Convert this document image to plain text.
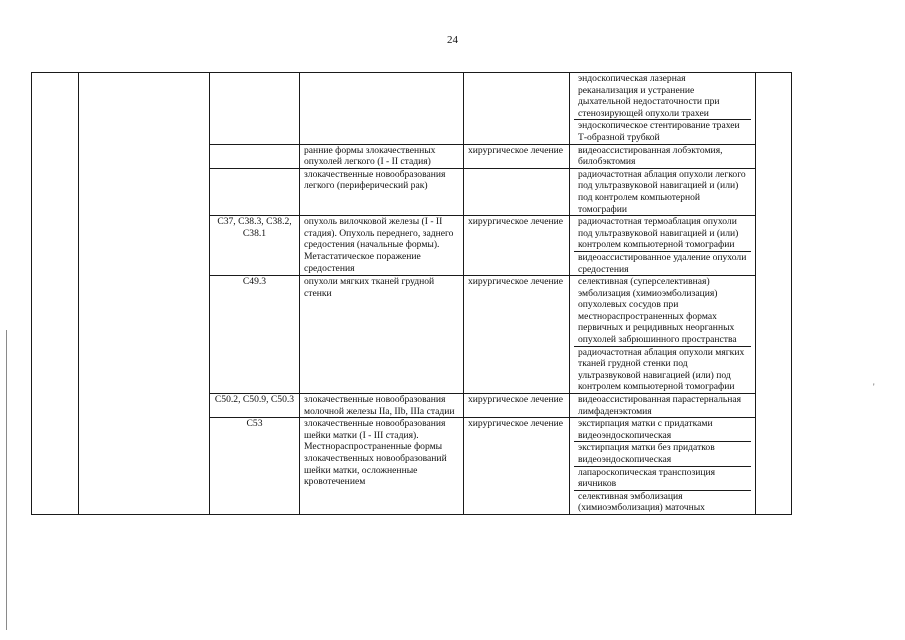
24
'

					эндоскопическая лазерная реканализация и устранение дыхательной недостаточности при стенозирующей опухоли трахеи
эндоскопическое стентирование трахеи Т-образной трубкой	

			ранние формы злокачественных опухолей легкого (I - II стадия)	хирургическое лечение	видеоассистированная лобэктомия, билобэктомия	

			злокачественные новообразования легкого (периферический рак)		радиочастотная аблация опухоли легкого под ультразвуковой навигацией и (или) под контролем компьютерной томографии	

		C37, C38.3, C38.2, C38.1	опухоль вилочковой железы (I - II стадия). Опухоль переднего, заднего средостения (начальные формы). Метастатическое поражение средостения	хирургическое лечение	радиочастотная термоаблация опухоли под ультразвуковой навигацией и (или) контролем компьютерной томографии
видеоассистированное удаление опухоли средостения	

		C49.3	опухоли мягких тканей грудной стенки	хирургическое лечение	селективная (суперселективная) эмболизация (химиоэмболизация) опухолевых сосудов при местнораспространенных формах первичных и рецидивных неорганных опухолей забрюшинного пространства
радиочастотная аблация опухоли мягких тканей грудной стенки под ультразвуковой навигацией (или) под контролем компьютерной томографии	

		C50.2, C50.9, C50.3	злокачественные новообразования молочной железы IIa, IIb, IIIa стадии	хирургическое лечение	видеоассистированная парастернальная лимфаденэктомия	

		C53	злокачественные новообразования шейки матки (I - III стадия). Местнораспространенные формы злокачественных новообразований шейки матки, осложненные кровотечением	хирургическое лечение	экстирпация матки с придатками видеоэндоскопическая
экстирпация матки без придатков видеоэндоскопическая
лапароскопическая транспозиция яичников
селективная эмболизация (химиоэмболизация) маточных	
